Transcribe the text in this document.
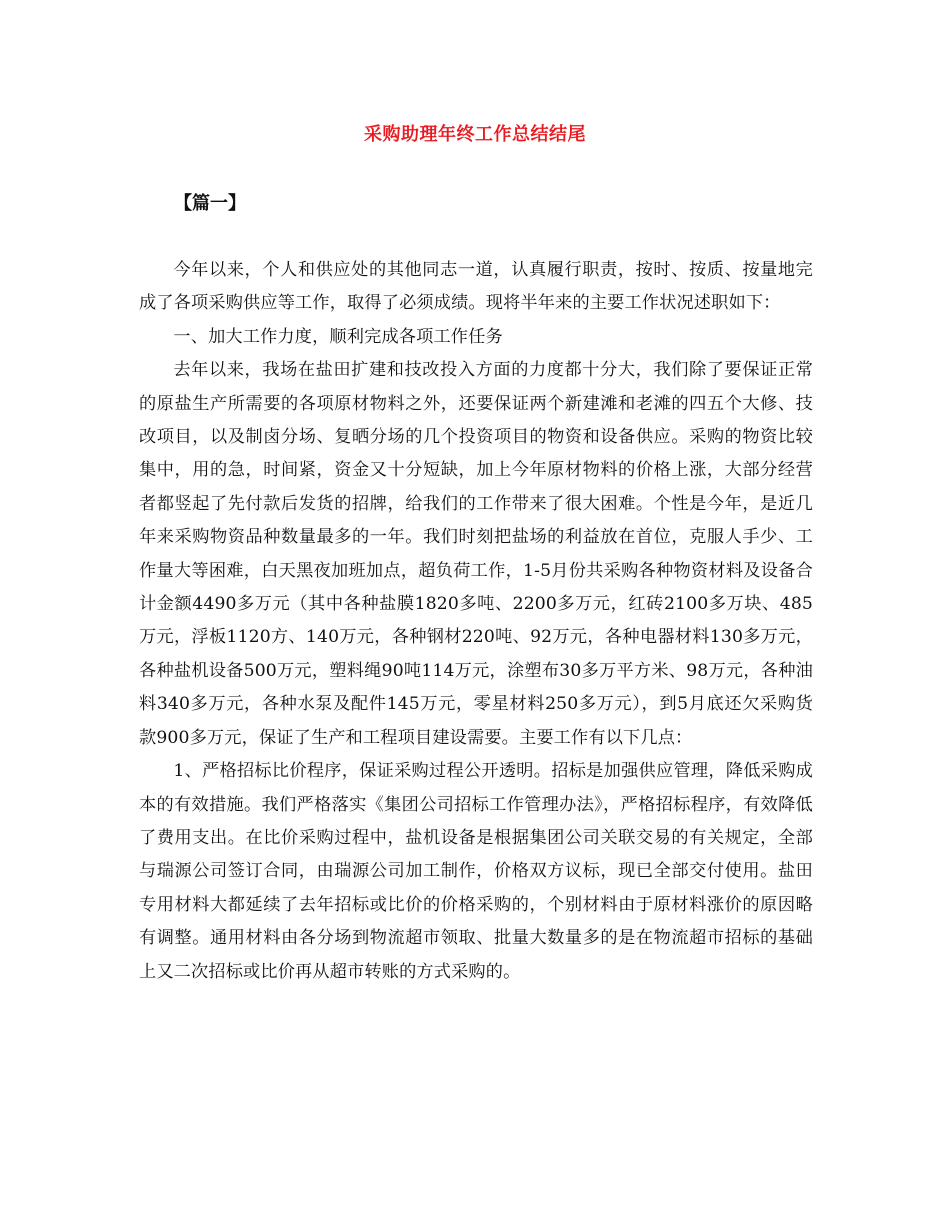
采购助理年终工作总结结尾
【篇一】

今年以来，个人和供应处的其他同志一道，认真履行职责，按时、按质、按量地完成了各项采购供应等工作，取得了必须成绩。现将半年来的主要工作状况述职如下：

一、加大工作力度，顺利完成各项工作任务

去年以来，我场在盐田扩建和技改投入方面的力度都十分大，我们除了要保证正常的原盐生产所需要的各项原材物料之外，还要保证两个新建滩和老滩的四五个大修、技改项目，以及制卤分场、复晒分场的几个投资项目的物资和设备供应。采购的物资比较集中，用的急，时间紧，资金又十分短缺，加上今年原材物料的价格上涨，大部分经营者都竖起了先付款后发货的招牌，给我们的工作带来了很大困难。个性是今年，是近几年来采购物资品种数量最多的一年。我们时刻把盐场的利益放在首位，克服人手少、工作量大等困难，白天黑夜加班加点，超负荷工作，1-5月份共采购各种物资材料及设备合计金额4490多万元（其中各种盐膜1820多吨、2200多万元，红砖2100多万块、485万元，浮板1120方、140万元，各种钢材220吨、92万元，各种电器材料130多万元，各种盐机设备500万元，塑料绳90吨114万元，涂塑布30多万平方米、98万元，各种油料340多万元，各种水泵及配件145万元，零星材料250多万元），到5月底还欠采购货款900多万元，保证了生产和工程项目建设需要。主要工作有以下几点：

1、严格招标比价程序，保证采购过程公开透明。招标是加强供应管理，降低采购成本的有效措施。我们严格落实《集团公司招标工作管理办法》，严格招标程序，有效降低了费用支出。在比价采购过程中，盐机设备是根据集团公司关联交易的有关规定，全部与瑞源公司签订合同，由瑞源公司加工制作，价格双方议标，现已全部交付使用。盐田专用材料大都延续了去年招标或比价的价格采购的，个别材料由于原材料涨价的原因略有调整。通用材料由各分场到物流超市领取、批量大数量多的是在物流超市招标的基础上又二次招标或比价再从超市转账的方式采购的。
